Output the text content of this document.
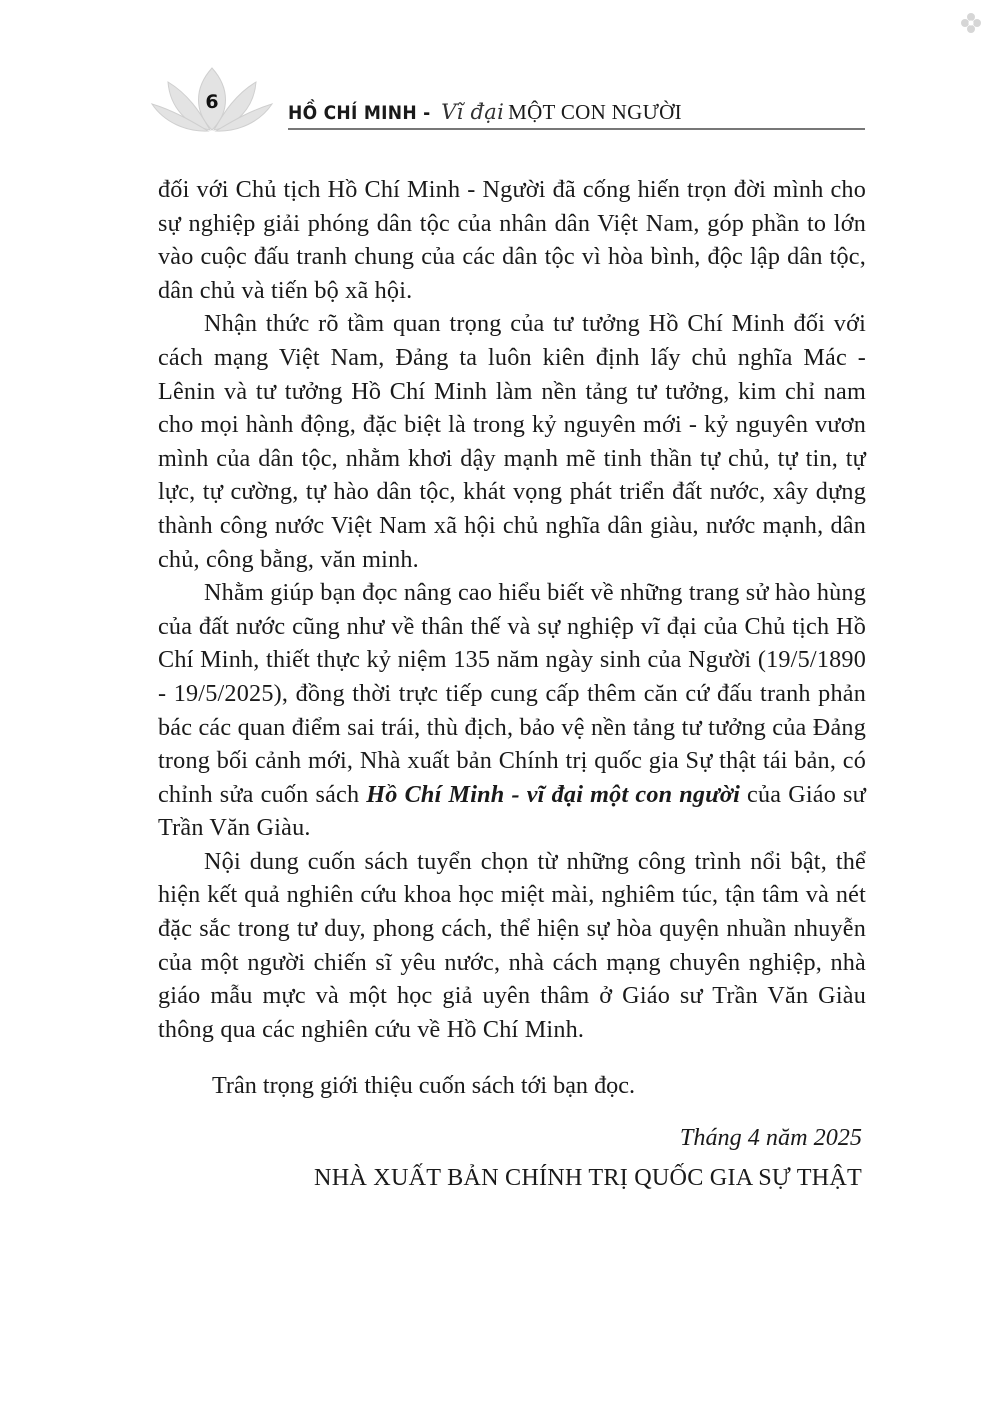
6	HỒ CHÍ MINH - Vĩ đại MỘT CON NGƯỜI

đối với Chủ tịch Hồ Chí Minh - Người đã cống hiến trọn đời mình cho sự nghiệp giải phóng dân tộc của nhân dân Việt Nam, góp phần to lớn vào cuộc đấu tranh chung của các dân tộc vì hòa bình, độc lập dân tộc, dân chủ và tiến bộ xã hội.

Nhận thức rõ tầm quan trọng của tư tưởng Hồ Chí Minh đối với cách mạng Việt Nam, Đảng ta luôn kiên định lấy chủ nghĩa Mác - Lênin và tư tưởng Hồ Chí Minh làm nền tảng tư tưởng, kim chỉ nam cho mọi hành động, đặc biệt là trong kỷ nguyên mới - kỷ nguyên vươn mình của dân tộc, nhằm khơi dậy mạnh mẽ tinh thần tự chủ, tự tin, tự lực, tự cường, tự hào dân tộc, khát vọng phát triển đất nước, xây dựng thành công nước Việt Nam xã hội chủ nghĩa dân giàu, nước mạnh, dân chủ, công bằng, văn minh.

Nhằm giúp bạn đọc nâng cao hiểu biết về những trang sử hào hùng của đất nước cũng như về thân thế và sự nghiệp vĩ đại của Chủ tịch Hồ Chí Minh, thiết thực kỷ niệm 135 năm ngày sinh của Người (19/5/1890 - 19/5/2025), đồng thời trực tiếp cung cấp thêm căn cứ đấu tranh phản bác các quan điểm sai trái, thù địch, bảo vệ nền tảng tư tưởng của Đảng trong bối cảnh mới, Nhà xuất bản Chính trị quốc gia Sự thật tái bản, có chỉnh sửa cuốn sách Hồ Chí Minh - vĩ đại một con người của Giáo sư Trần Văn Giàu.

Nội dung cuốn sách tuyển chọn từ những công trình nổi bật, thể hiện kết quả nghiên cứu khoa học miệt mài, nghiêm túc, tận tâm và nét đặc sắc trong tư duy, phong cách, thể hiện sự hòa quyện nhuần nhuyễn của một người chiến sĩ yêu nước, nhà cách mạng chuyên nghiệp, nhà giáo mẫu mực và một học giả uyên thâm ở Giáo sư Trần Văn Giàu thông qua các nghiên cứu về Hồ Chí Minh.

Trân trọng giới thiệu cuốn sách tới bạn đọc.
Tháng 4 năm 2025
NHÀ XUẤT BẢN CHÍNH TRỊ QUỐC GIA SỰ THẬT
